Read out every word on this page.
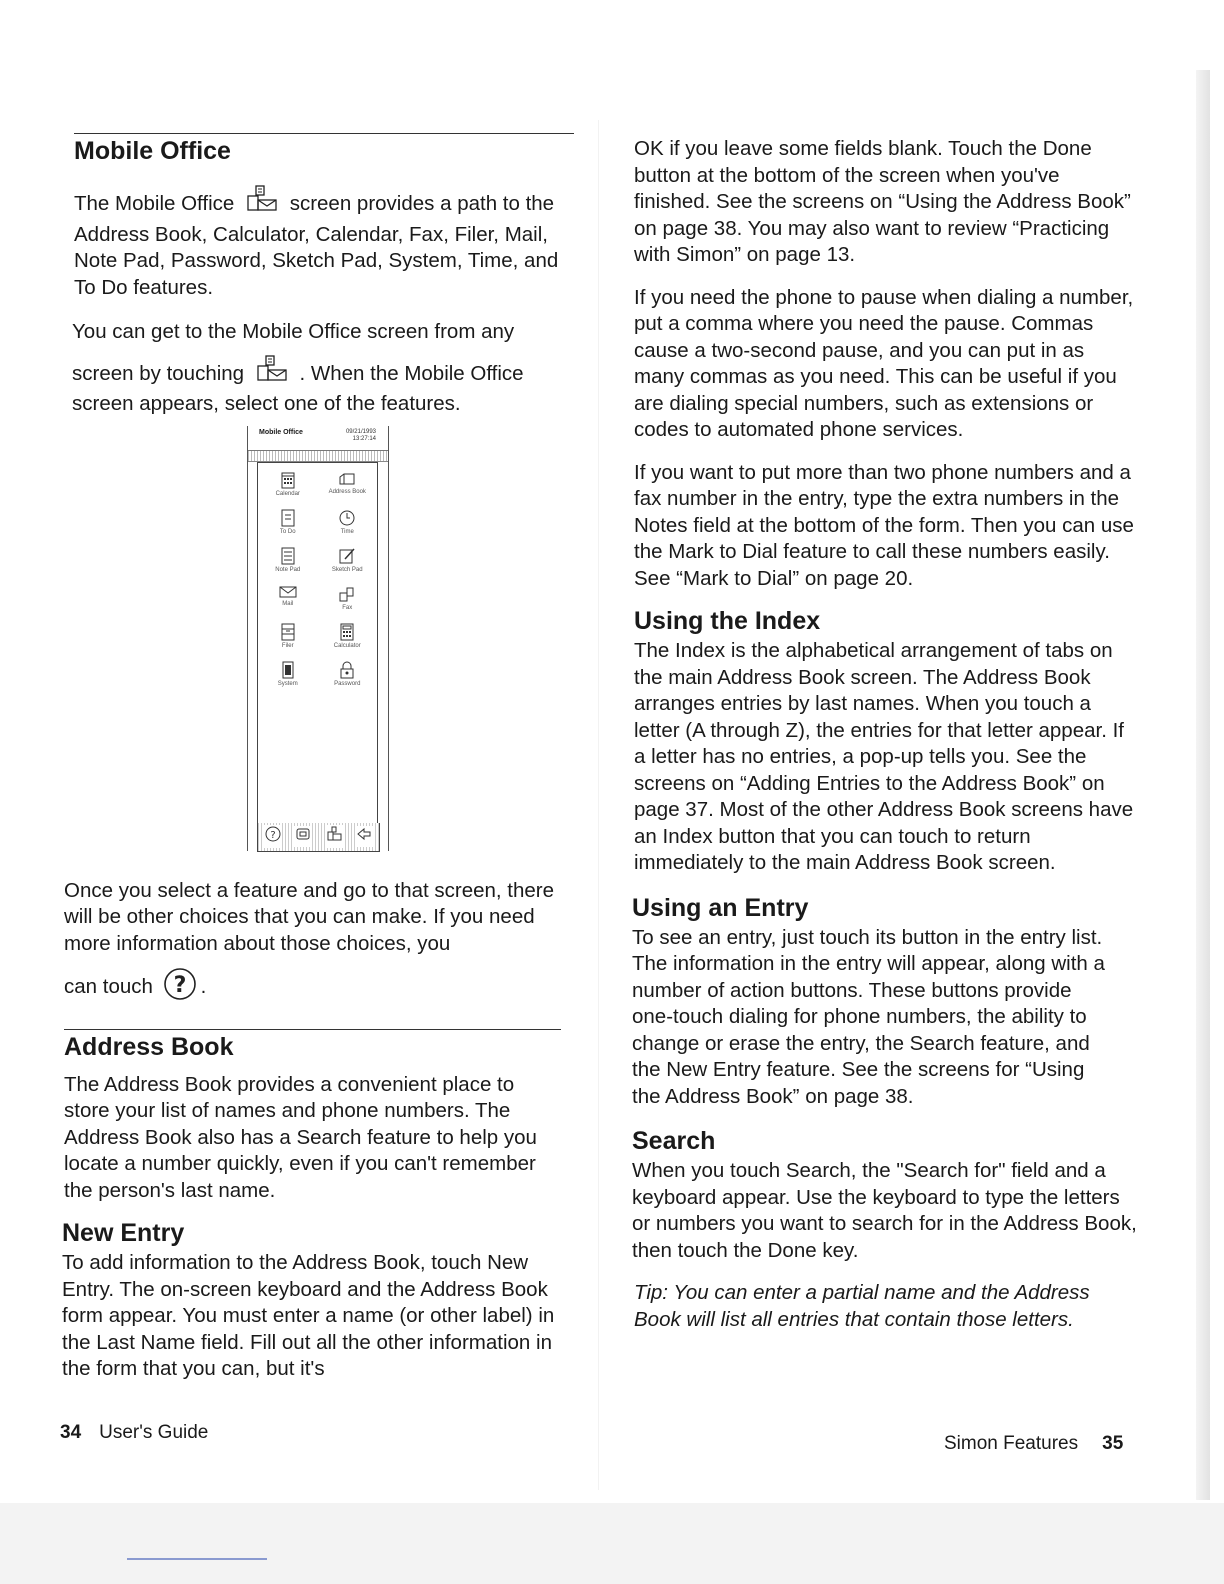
Mobile Office

The Mobile Office	screen provides a path to the Address Book, Calculator, Calendar, Fax, Filer, Mail, Note Pad, Password, Sketch Pad, System, Time, and To Do features.

You can get to the Mobile Office screen from any

screen by touching	. When the Mobile Office screen appears, select one of the features.

Mobile Office	09/21/1993
13:27:14
Calendar	Address Book
To Do	Time
Note Pad	Sketch Pad
Mail
Fax
Filer	Calculator
System	Password
?

Once you select a feature and go to that screen, there will be other choices that you can make. If you need more information about those choices, you

can touch ? .

Address Book

The Address Book provides a convenient place to store your list of names and phone numbers. The Address Book also has a Search feature to help you locate a number quickly, even if you can't remember the person's last name.

New Entry

To add information to the Address Book, touch New Entry. The on-screen keyboard and the Address Book form appear. You must enter a name (or other label) in the Last Name field. Fill out all the other information in the form that you can, but it's

34 User's Guide

OK if you leave some fields blank. Touch the Done button at the bottom of the screen when you've finished. See the screens on “Using the Address Book” on page 38. You may also want to review “Practicing with Simon” on page 13.

If you need the phone to pause when dialing a number, put a comma where you need the pause. Commas cause a two-second pause, and you can put in as many commas as you need. This can be useful if you are dialing special numbers, such as extensions or codes to automated phone services.

If you want to put more than two phone numbers and a fax number in the entry, type the extra numbers in the Notes field at the bottom of the form. Then you can use the Mark to Dial feature to call these numbers easily. See “Mark to Dial” on page 20.

Using the Index

The Index is the alphabetical arrangement of tabs on the main Address Book screen. The Address Book arranges entries by last names. When you touch a letter (A through Z), the entries for that letter appear. If a letter has no entries, a pop-up tells you. See the screens on “Adding Entries to the Address Book” on page 37. Most of the other Address Book screens have an Index button that you can touch to return immediately to the main Address Book screen.

Using an Entry

To see an entry, just touch its button in the entry list. The information in the entry will appear, along with a number of action buttons. These buttons provide one-touch dialing for phone numbers, the ability to change or erase the entry, the Search feature, and the New Entry feature. See the screens for “Using the Address Book” on page 38.

Search

When you touch Search, the "Search for" field and a keyboard appear. Use the keyboard to type the letters or numbers you want to search for in the Address Book, then touch the Done key.

Tip: You can enter a partial name and the Address Book will list all entries that contain those letters.

Simon Features 35
